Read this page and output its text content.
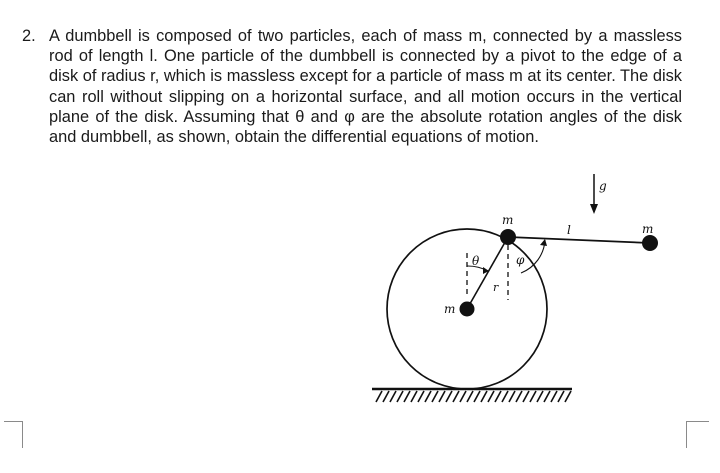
2. A dumbbell is composed of two particles, each of mass m, connected by a massless rod of length l. One particle of the dumbbell is connected by a pivot to the edge of a disk of radius r, which is massless except for a particle of mass m at its center. The disk can roll without slipping on a horizontal surface, and all motion occurs in the vertical plane of the disk. Assuming that θ and φ are the absolute rotation angles of the disk and dumbbell, as shown, obtain the differential equations of motion.
m
m
m
θ	φ
r
l
g
